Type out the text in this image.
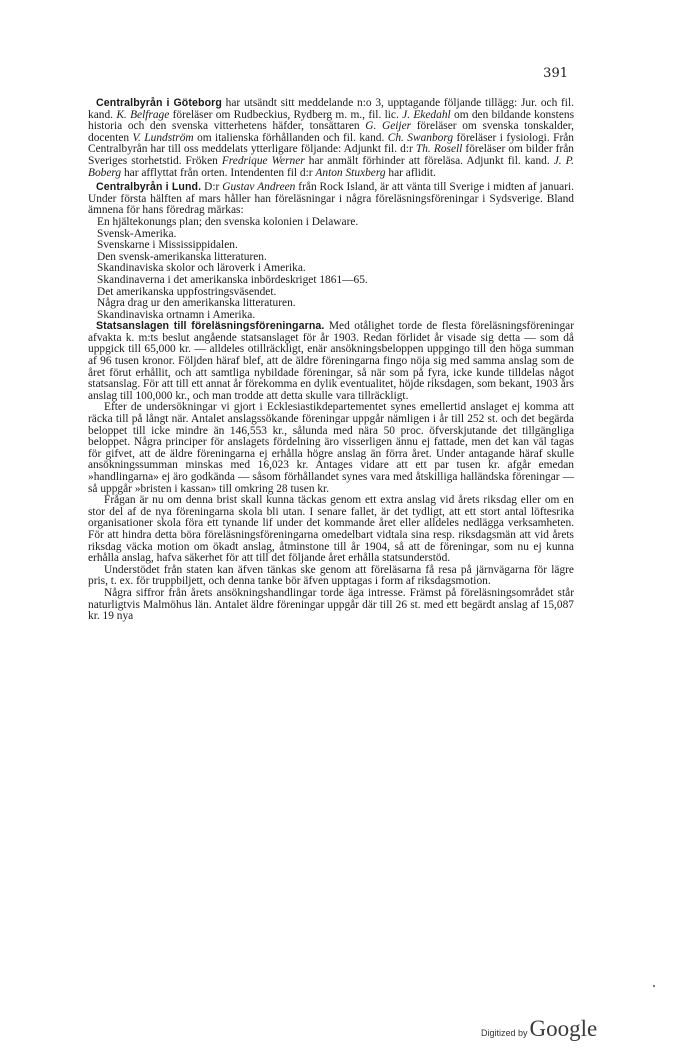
391

Centralbyrån i Göteborg har utsändt sitt meddelande n:o 3, upptagande följande tillägg: Jur. och fil. kand. K. Belfrage föreläser om Rudbeckius, Rydberg m. m., fil. lic. J. Ekedahl om den bildande konstens historia och den svenska vitterhetens häfder, tonsättaren G. Geijer föreläser om svenska tonskalder, docenten V. Lundström om italienska förhållanden och fil. kand. Ch. Swanborg föreläser i fysiologi. Från Centralbyrån har till oss meddelats ytterligare följande: Adjunkt fil. d:r Th. Rosell föreläser om bilder från Sveriges storhetstid. Fröken Fredrique Werner har anmält förhinder att föreläsa. Adjunkt fil. kand. J. P. Boberg har afflyttat från orten. Intendenten fil d:r Anton Stuxberg har aflidit.

Centralbyrån i Lund. D:r Gustav Andreen från Rock Island, är att vänta till Sverige i midten af januari. Under första hälften af mars håller han föreläsningar i några föreläsningsföreningar i Sydsverige. Bland ämnena för hans föredrag märkas:

En hjältekonungs plan; den svenska kolonien i Delaware.
Svensk-Amerika.
Svenskarne i Mississippidalen.
Den svensk-amerikanska litteraturen.
Skandinaviska skolor och läroverk i Amerika.
Skandinaverna i det amerikanska inbördeskriget 1861—65.
Det amerikanska uppfostringsväsendet.
Några drag ur den amerikanska litteraturen.
Skandinaviska ortnamn i Amerika.

Statsanslagen till föreläsningsföreningarna. Med otålighet torde de flesta föreläsningsföreningar afvakta k. m:ts beslut angående statsanslaget för år 1903. Redan förlidet år visade sig detta — som då uppgick till 65,000 kr. — alldeles otillräckligt, enär ansökningsbeloppen uppgingo till den höga summan af 96 tusen kronor. Följden häraf blef, att de äldre föreningarna fingo nöja sig med samma anslag som de året förut erhållit, och att samtliga nybildade föreningar, så när som på fyra, icke kunde tilldelas något statsanslag. För att till ett annat år förekomma en dylik eventualitet, höjde riksdagen, som bekant, 1903 års anslag till 100,000 kr., och man trodde att detta skulle vara tillräckligt.

Efter de undersökningar vi gjort i Ecklesiastikdepartementet synes emellertid anslaget ej komma att räcka till på långt när. Antalet anslagssökande föreningar uppgår nämligen i år till 252 st. och det begärda beloppet till icke mindre än 146,553 kr., sålunda med nära 50 proc. öfverskjutande det tillgängliga beloppet. Några principer för anslagets fördelning äro visserligen ännu ej fattade, men det kan väl tagas för gifvet, att de äldre föreningarna ej erhålla högre anslag än förra året. Under antagande häraf skulle ansökningssumman minskas med 16,023 kr. Antages vidare att ett par tusen kr. afgår emedan »handlingarna» ej äro godkända — såsom förhållandet synes vara med åtskilliga halländska föreningar — så uppgår »bristen i kassan» till omkring 28 tusen kr.

Frågan är nu om denna brist skall kunna täckas genom ett extra anslag vid årets riksdag eller om en stor del af de nya föreningarna skola bli utan. I senare fallet, är det tydligt, att ett stort antal löftesrika organisationer skola föra ett tynande lif under det kommande året eller alldeles nedlägga verksamheten. För att hindra detta böra föreläsningsföreningarna omedelbart vidtala sina resp. riksdagsmän att vid årets riksdag väcka motion om ökadt anslag, åtminstone till år 1904, så att de föreningar, som nu ej kunna erhålla anslag, hafva säkerhet för att till det följande året erhålla statsunderstöd.

Understödet från staten kan äfven tänkas ske genom att föreläsarna få resa på järnvägarna för lägre pris, t. ex. för truppbiljett, och denna tanke bör äfven upptagas i form af riksdagsmotion.

Några siffror från årets ansökningshandlingar torde äga intresse. Främst på föreläsningsområdet står naturligtvis Malmöhus län. Antalet äldre föreningar uppgår där till 26 st. med ett begärdt anslag af 15,087 kr. 19 nya

Digitized by Google
